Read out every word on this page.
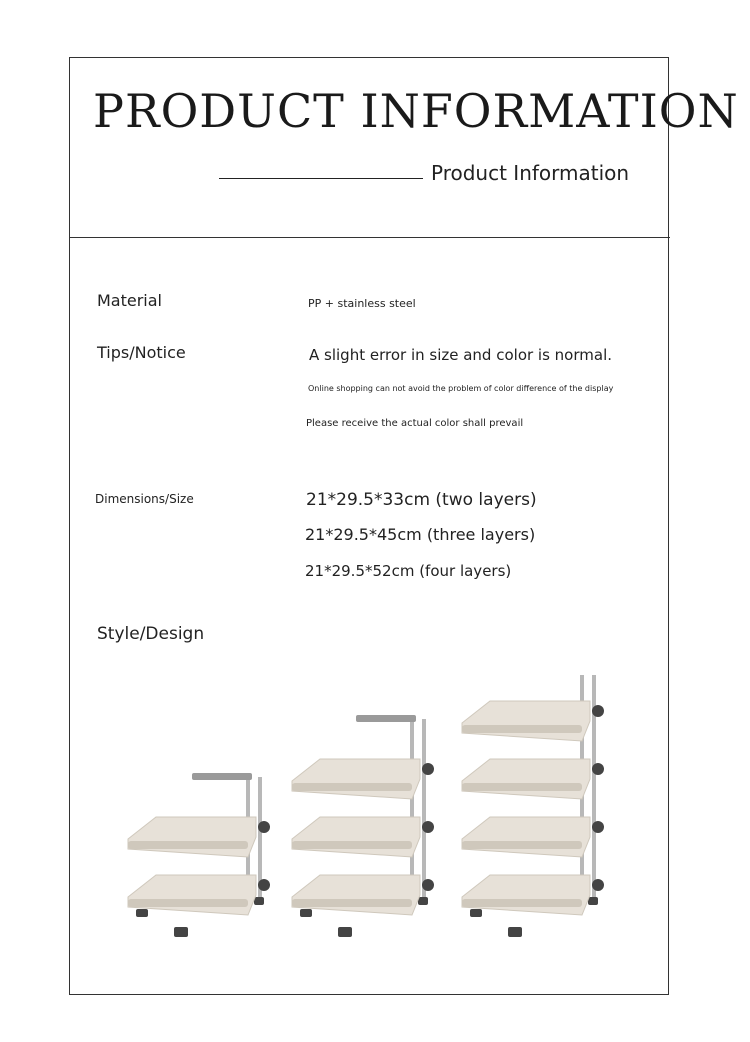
PRODUCT INFORMATION
Product Information
Material	PP + stainless steel
Tips/Notice	A slight error in size and color is normal.
Online shopping can not avoid the problem of color difference of the display
Please receive the actual color shall prevail
Dimensions/Size	21*29.5*33cm (two layers)
21*29.5*45cm (three layers)
21*29.5*52cm (four layers)
Style/Design
